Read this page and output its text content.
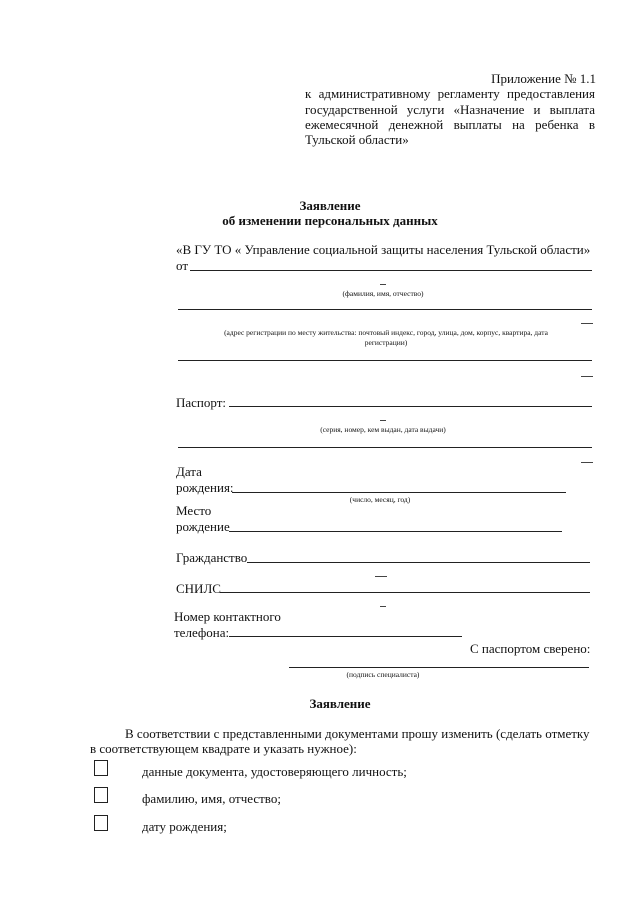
Приложение № 1.1
к административному регламенту предоставления
государственной услуги «Назначение и выплата
ежемесячной денежной выплаты на ребенка в
Тульской области»
Заявление
об изменении персональных данных
«В ГУ ТО « Управление социальной защиты населения Тульской области»
от
(фамилия, имя, отчество)
(адрес регистрации по месту жительства: почтовый индекс, город, улица, дом, корпус, квартира, дата
регистрации)
Паспорт:
(серия, номер, кем выдан, дата выдачи)
Дата
рождения:
(число, месяц, год)
Место
рождение
Гражданство
СНИЛС
Номер контактного
телефона:
С паспортом сверено:
(подпись специалиста)
Заявление
В соответствии с представленными документами прошу изменить (сделать отметку
в соответствующем квадрате и указать нужное):
данные документа, удостоверяющего личность;
фамилию, имя, отчество;
дату рождения;
